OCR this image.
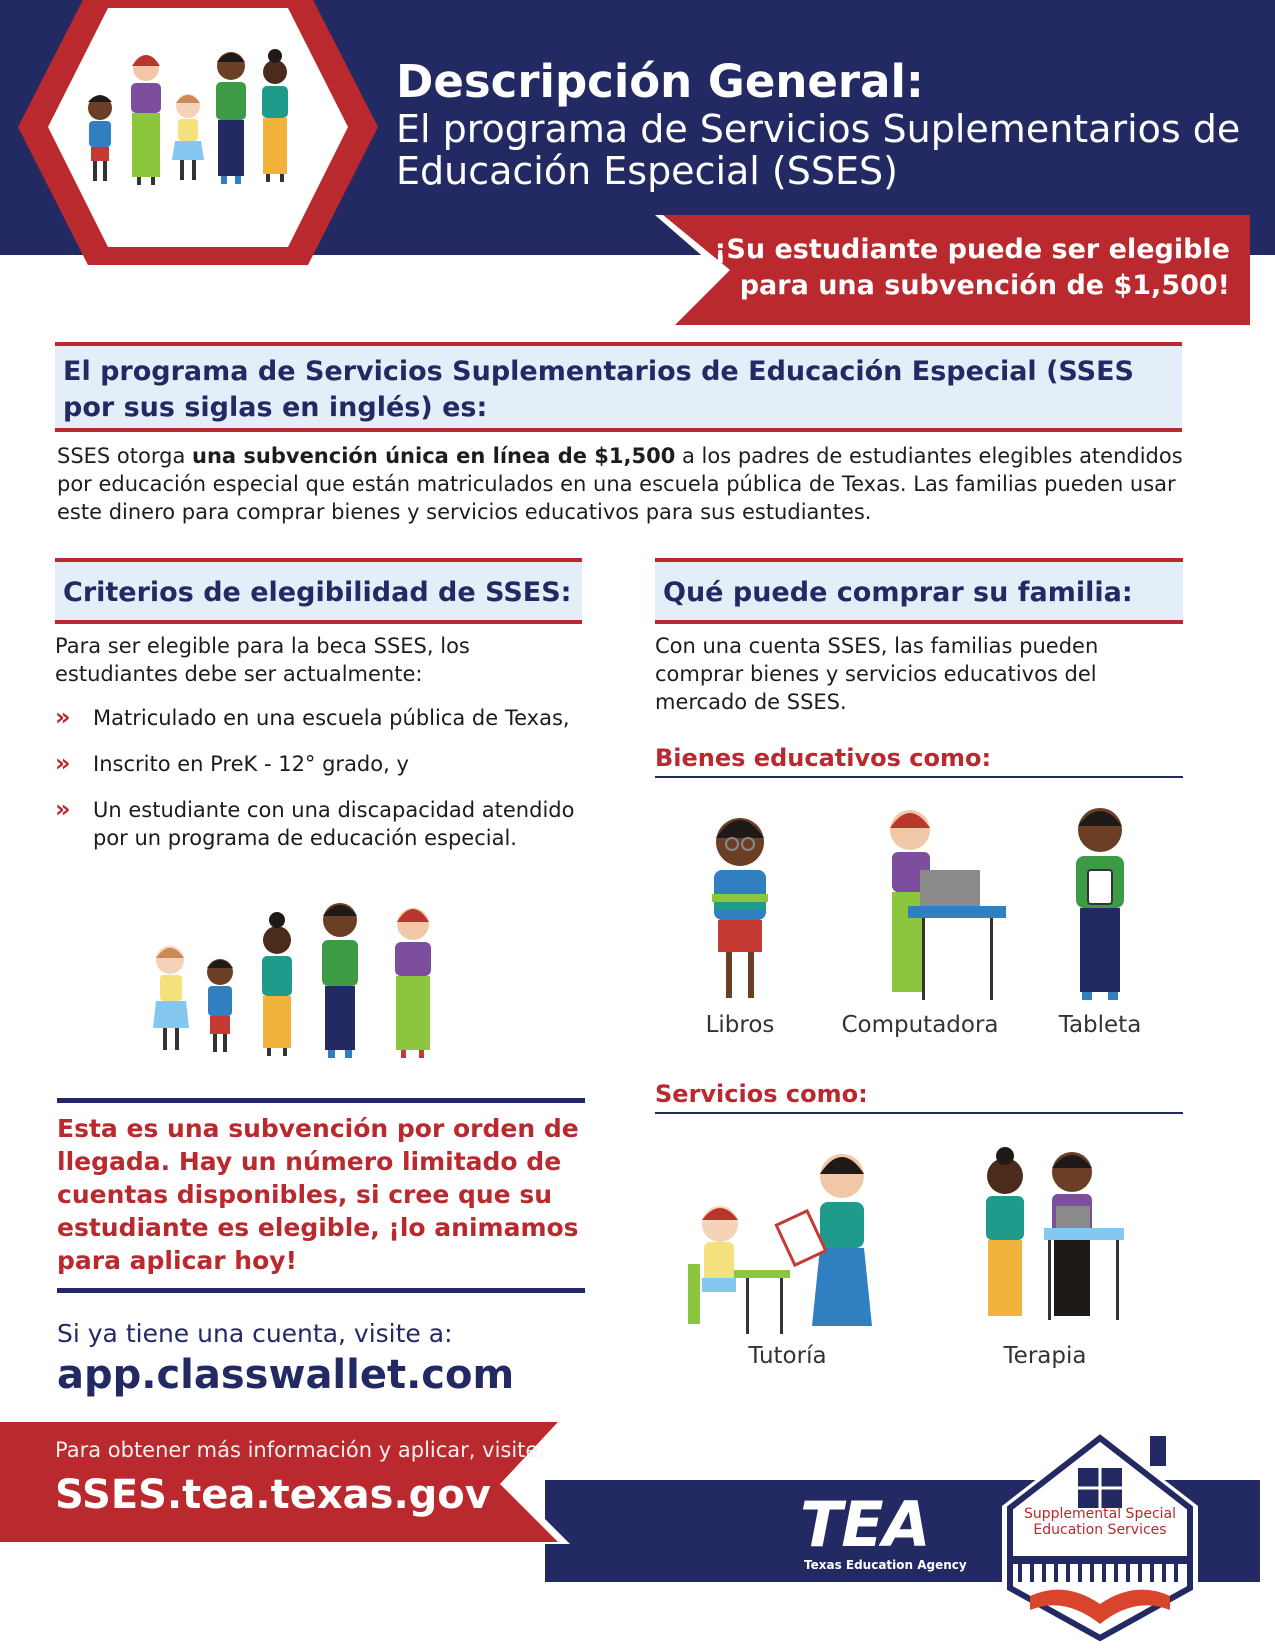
Descripción General:
El programa de Servicios Suplementarios de Educación Especial (SSES)
¡Su estudiante puede ser elegible
para una subvención de $1,500!
El programa de Servicios Suplementarios de Educación Especial (SSES por sus siglas en inglés) es:
SSES otorga una subvención única en línea de $1,500 a los padres de estudiantes elegibles atendidos por educación especial que están matriculados en una escuela pública de Texas. Las familias pueden usar este dinero para comprar bienes y servicios educativos para sus estudiantes.
Criterios de elegibilidad de SSES:
Para ser elegible para la beca SSES, los estudiantes debe ser actualmente:
» Matriculado en una escuela pública de Texas,
» Inscrito en PreK - 12° grado, y
» Un estudiante con una discapacidad atendido por un programa de educación especial.
Esta es una subvención por orden de llegada. Hay un número limitado de cuentas disponibles, si cree que su estudiante es elegible, ¡lo animamos para aplicar hoy!
Si ya tiene una cuenta, visite a:
app.classwallet.com
Qué puede comprar su familia:
Con una cuenta SSES, las familias pueden comprar bienes y servicios educativos del mercado de SSES.
Bienes educativos como:
Libros	Computadora	Tableta
Servicios como:
Tutoría	Terapia
Para obtener más información y aplicar, visite:
SSES.tea.texas.gov	TEA
Texas Education Agency
Supplemental Special Education Services
